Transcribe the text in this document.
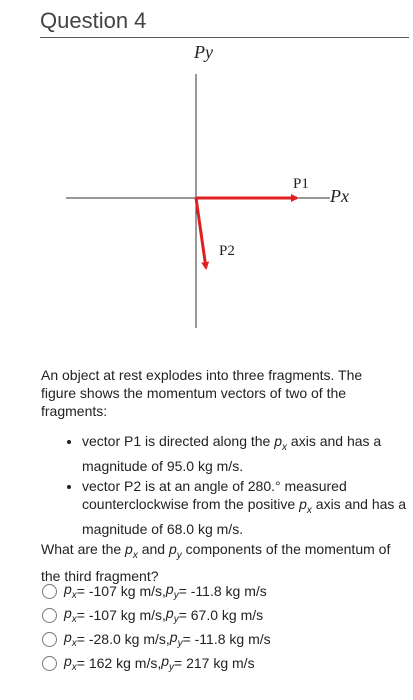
Question 4
Py
Px
P1
P2
An object at rest explodes into three fragments. The figure shows the momentum vectors of two of the fragments:
• vector P1 is directed along the $p_x$ axis and has a magnitude of 95.0 kg m/s.
• vector P2 is at an angle of 280.° measured counterclockwise from the positive $p_x$ axis and has a magnitude of 68.0 kg m/s.
What are the $p_x$ and $p_y$ components of the momentum of the third fragment?
$p_x = -107$ kg m/s, $p_y = -11.8$ kg m/s
$p_x = -107$ kg m/s, $p_y = 67.0$ kg m/s
$p_x = -28.0$ kg m/s, $p_y = -11.8$ kg m/s
$p_x = 162$ kg m/s, $p_y = 217$ kg m/s
